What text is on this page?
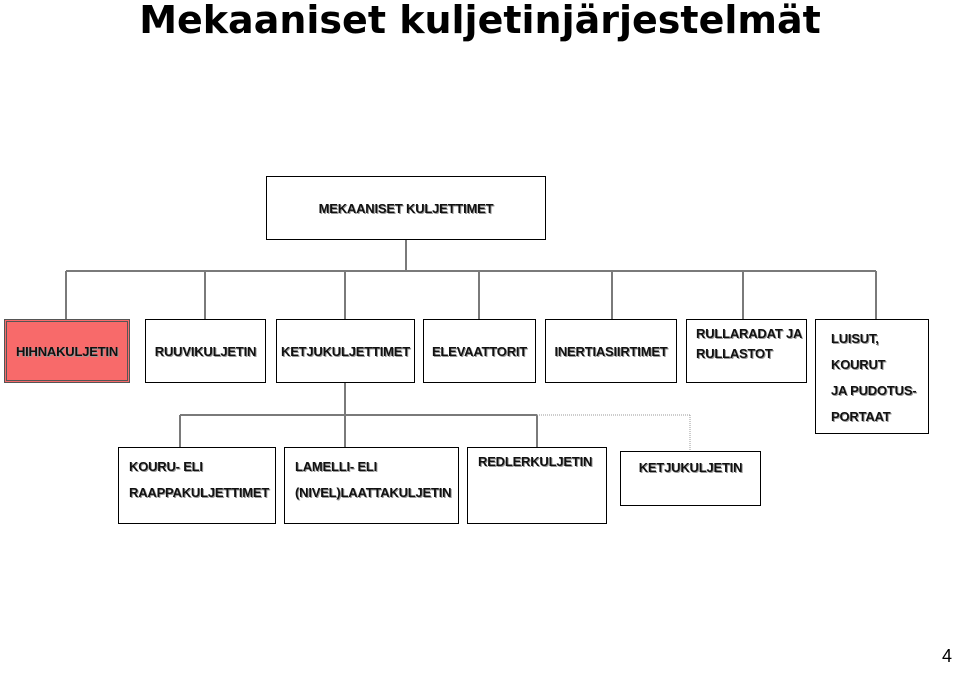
Mekaaniset kuljetinjärjestelmät
MEKAANISET KULJETTIMET
HIHNAKULJETIN	RUUVIKULJETIN KETJUKULJETTIMET ELEVAATTORIT INERTIASIIRTIMET
RULLARADAT JA
RULLASTOT
LUISUT,
KOURUT
JA PUDOTUS-
PORTAAT
KOURU- ELI
RAAPPAKULJETTIMET
LAMELLI- ELI
(NIVEL)LAATTAKULJETIN
REDLERKULJETIN	KETJUKULJETIN
4
